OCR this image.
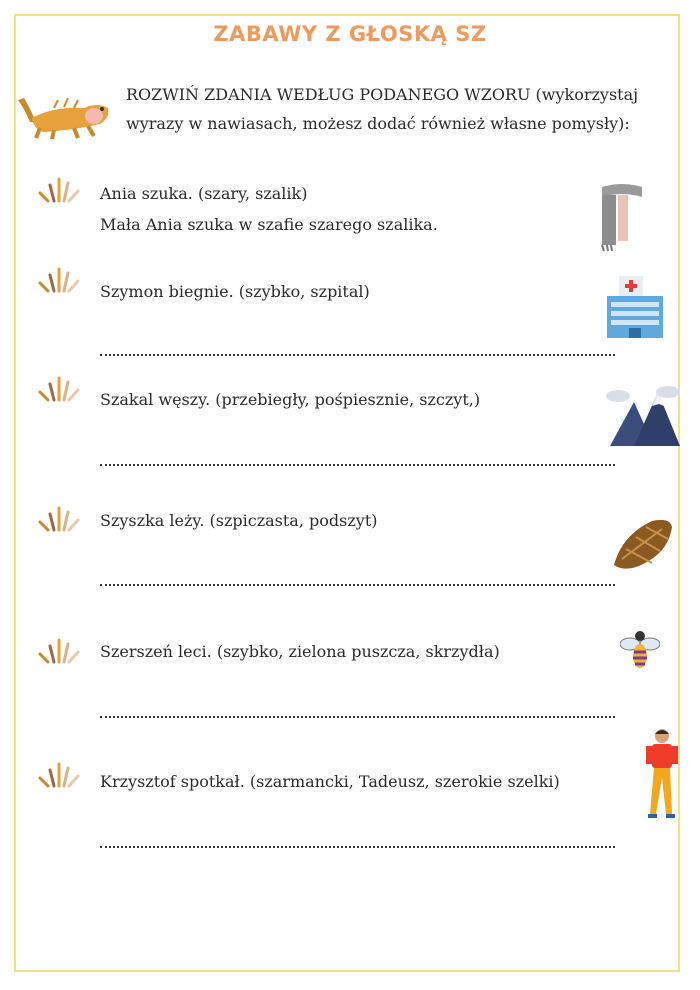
ZABAWY Z GŁOSKĄ SZ
ROZWIŃ ZDANIA WEDŁUG PODANEGO WZORU (wykorzystaj wyrazy w nawiasach, możesz dodać również własne pomysły):
Ania szuka. (szary, szalik)
Mała Ania szuka w szafie szarego szalika.
Szymon biegnie. (szybko, szpital)
Szakal węszy. (przebiegły, pośpiesznie, szczyt,)
Szyszka leży. (szpiczasta, podszyt)
Szerszeń leci. (szybko, zielona puszcza, skrzydła)
Krzysztof spotkał. (szarmancki, Tadeusz, szerokie szelki)
